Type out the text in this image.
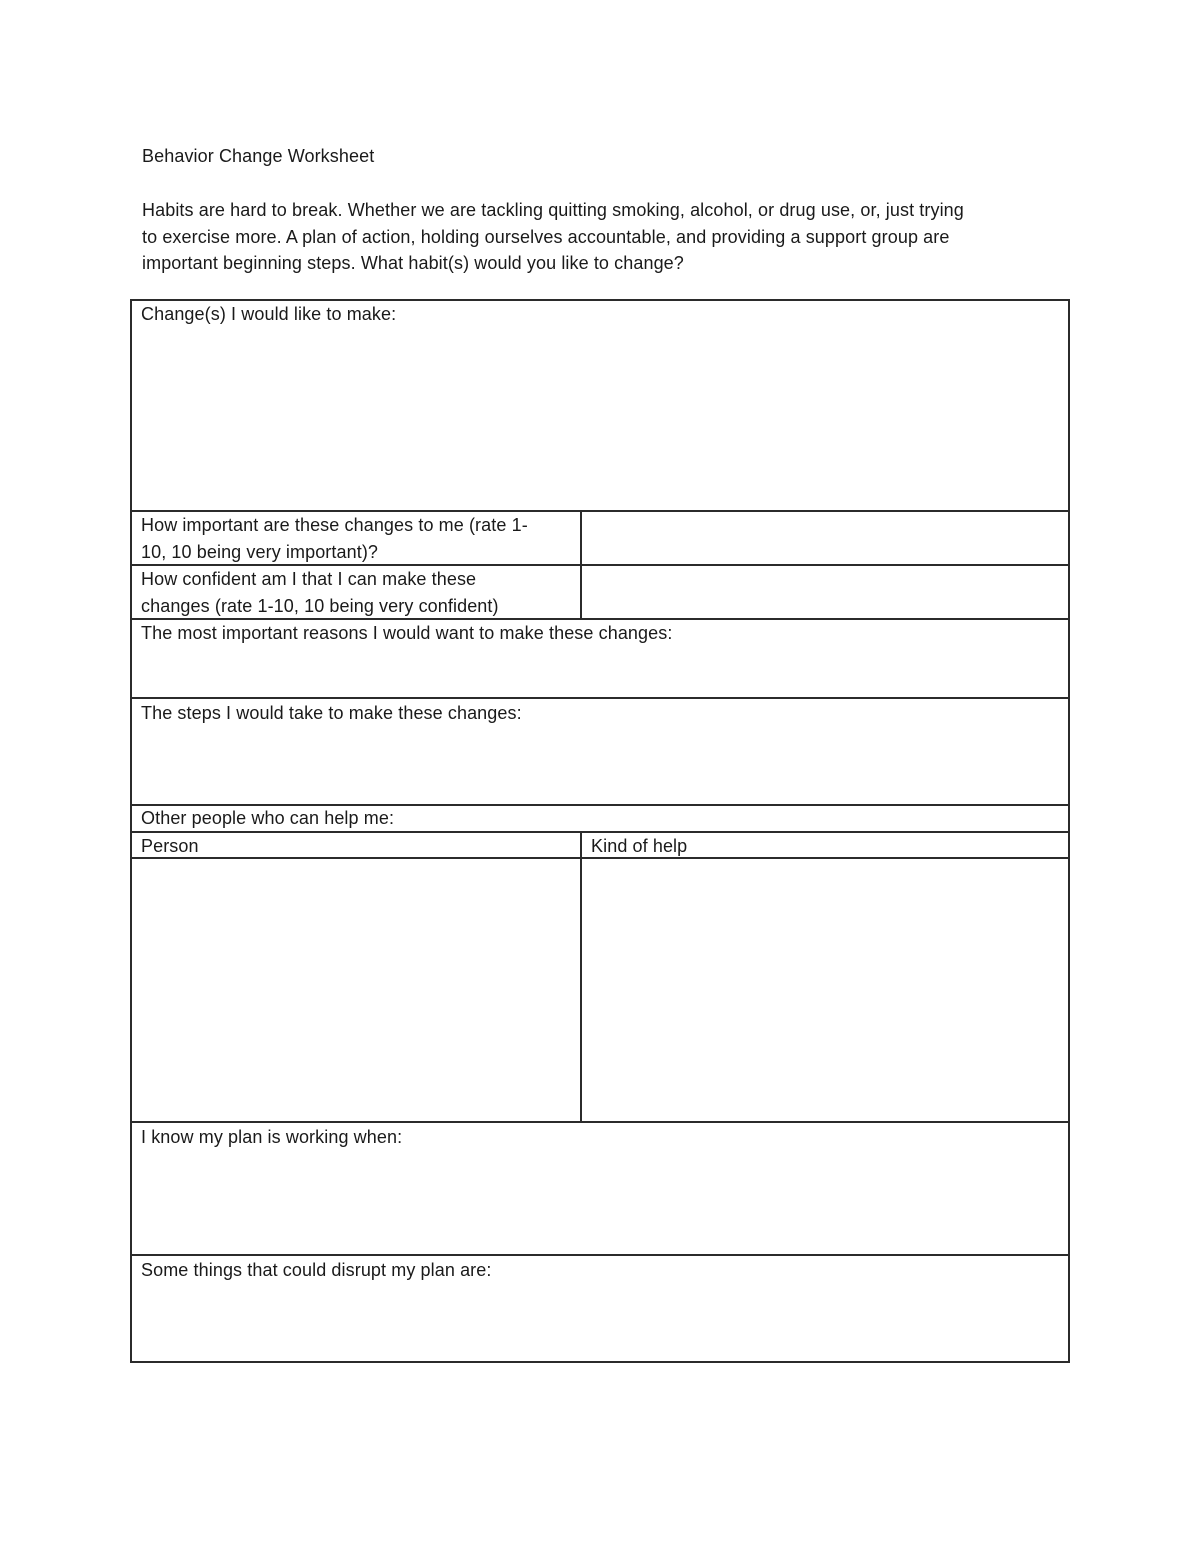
Behavior Change Worksheet
Habits are hard to break. Whether we are tackling quitting smoking, alcohol, or drug use, or, just trying
to exercise more. A plan of action, holding ourselves accountable, and providing a support group are
important beginning steps. What habit(s) would you like to change?
Change(s) I would like to make:
How important are these changes to me (rate 1-
10, 10 being very important)?
How confident am I that I can make these
changes (rate 1-10, 10 being very confident)
The most important reasons I would want to make these changes:
The steps I would take to make these changes:
Other people who can help me:
Person	Kind of help
I know my plan is working when:
Some things that could disrupt my plan are:
